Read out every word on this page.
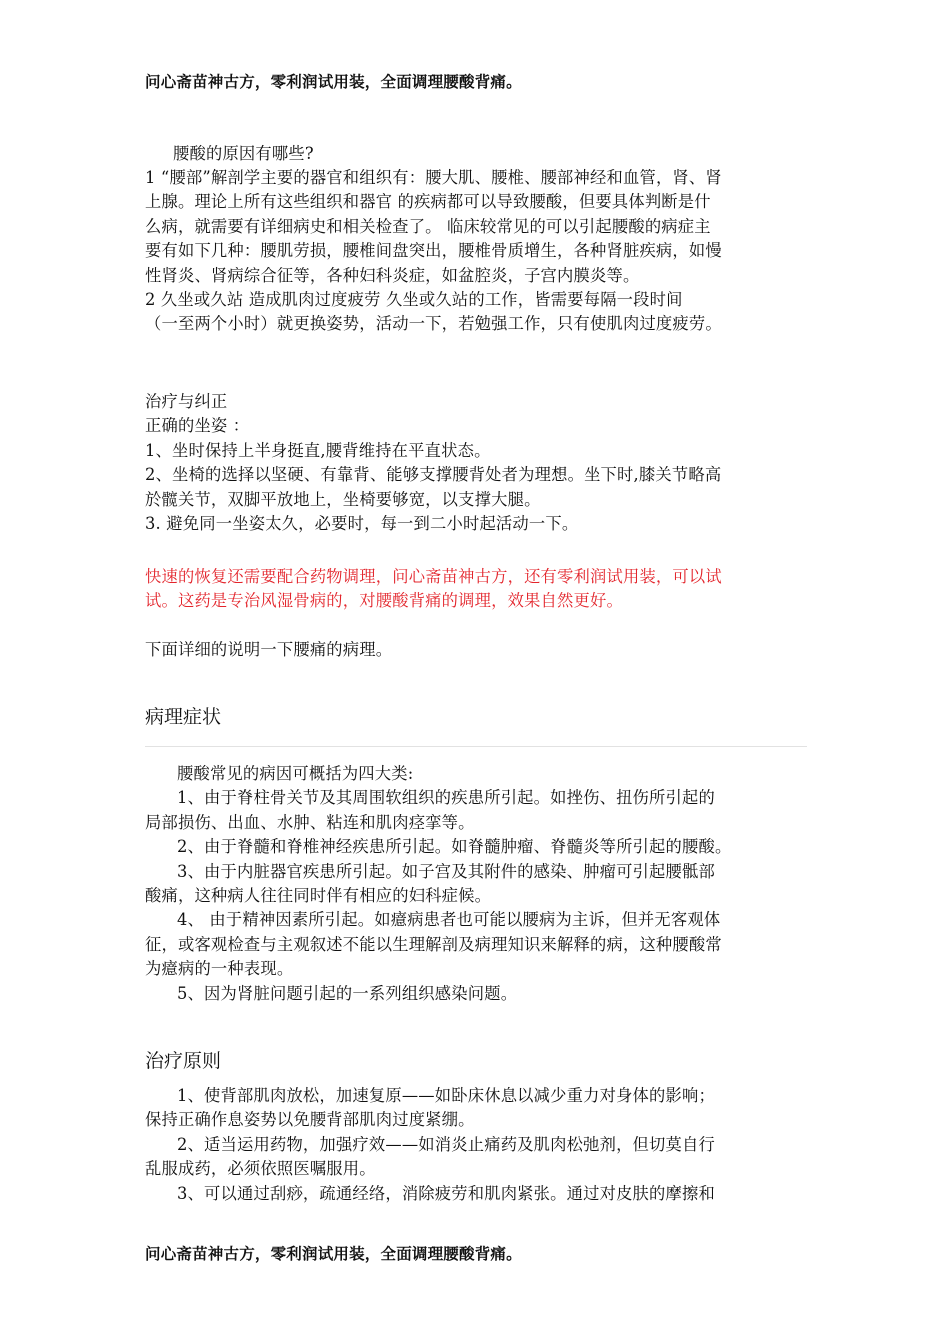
问心斋苗神古方，零利润试用装，全面调理腰酸背痛。
腰酸的原因有哪些?
1 “腰部”解剖学主要的器官和组织有：腰大肌、腰椎、腰部神经和血管，肾、肾
上腺。理论上所有这些组织和器官 的疾病都可以导致腰酸，但要具体判断是什
么病，就需要有详细病史和相关检查了。 临床较常见的可以引起腰酸的病症主
要有如下几种：腰肌劳损，腰椎间盘突出，腰椎骨质增生，各种肾脏疾病，如慢
性肾炎、肾病综合征等，各种妇科炎症，如盆腔炎，子宫内膜炎等。
2 久坐或久站 造成肌肉过度疲劳 久坐或久站的工作，皆需要每隔一段时间
（一至两个小时）就更换姿势，活动一下，若勉强工作，只有使肌肉过度疲劳。
治疗与纠正
正确的坐姿 ：
1、坐时保持上半身挺直,腰背维持在平直状态。
2、坐椅的选择以坚硬、有靠背、能够支撑腰背处者为理想。坐下时,膝关节略高
於髋关节，双脚平放地上，坐椅要够宽，以支撑大腿。
3. 避免同一坐姿太久，必要时，每一到二小时起活动一下。
快速的恢复还需要配合药物调理，问心斋苗神古方，还有零利润试用装，可以试
试。这药是专治风湿骨病的，对腰酸背痛的调理，效果自然更好。
下面详细的说明一下腰痛的病理。
病理症状
腰酸常见的病因可概括为四大类:
1、由于脊柱骨关节及其周围软组织的疾患所引起。如挫伤、扭伤所引起的
局部损伤、出血、水肿、粘连和肌肉痉挛等。
2、由于脊髓和脊椎神经疾患所引起。如脊髓肿瘤、脊髓炎等所引起的腰酸。
3、由于内脏器官疾患所引起。如子宫及其附件的感染、肿瘤可引起腰骶部
酸痛，这种病人往往同时伴有相应的妇科症候。
4、 由于精神因素所引起。如癔病患者也可能以腰病为主诉，但并无客观体
征，或客观检查与主观叙述不能以生理解剖及病理知识来解释的病，这种腰酸常
为癔病的一种表现。
5、因为肾脏问题引起的一系列组织感染问题。
治疗原则
1、使背部肌肉放松，加速复原——如卧床休息以减少重力对身体的影响；
保持正确作息姿势以免腰背部肌肉过度紧绷。
2、适当运用药物，加强疗效——如消炎止痛药及肌肉松弛剂，但切莫自行
乱服成药，必须依照医嘱服用。
3、可以通过刮痧，疏通经络，消除疲劳和肌肉紧张。通过对皮肤的摩擦和
问心斋苗神古方，零利润试用装，全面调理腰酸背痛。
